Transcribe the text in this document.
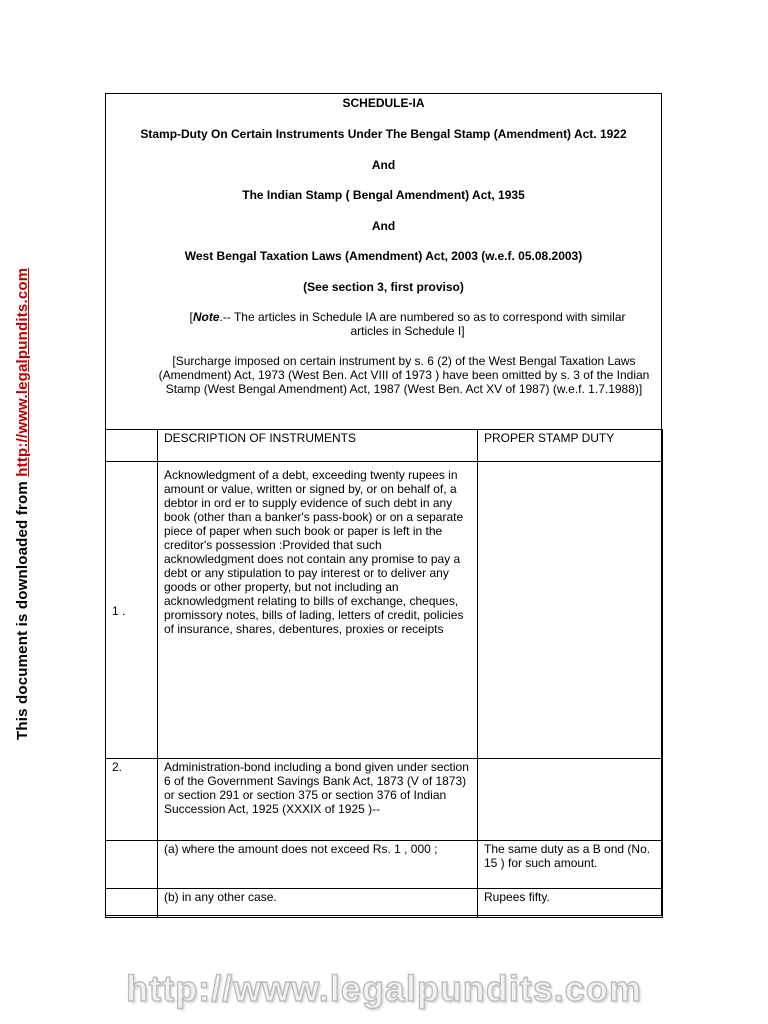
This document is downloaded from http://www.legalpundits.com
SCHEDULE-IA
Stamp-Duty On Certain Instruments Under The Bengal Stamp (Amendment) Act. 1922
And
The Indian Stamp ( Bengal Amendment) Act, 1935
And
West Bengal Taxation Laws (Amendment) Act, 2003 (w.e.f. 05.08.2003)
(See section 3, first proviso)
[Note.-- The articles in Schedule IA are numbered so as to correspond with similar articles in Schedule I]
[Surcharge imposed on certain instrument by s. 6 (2) of the West Bengal Taxation Laws (Amendment) Act, 1973 (West Ben. Act VIII of 1973 ) have been omitted by s. 3 of the Indian Stamp (West Bengal Amendment) Act, 1987 (West Ben. Act XV of 1987) (w.e.f. 1.7.1988)]
	DESCRIPTION OF INSTRUMENTS	PROPER STAMP DUTY
1 .	Acknowledgment of a debt, exceeding twenty rupees in amount or value, written or signed by, or on behalf of, a debtor in ord er to supply evidence of such debt in any book (other than a banker's pass-book) or on a separate piece of paper when such book or paper is left in the creditor's possession :Provided that such acknowledgment does not contain any promise to pay a debt or any stipulation to pay interest or to deliver any goods or other property, but not including an acknowledgment relating to bills of exchange, cheques, promissory notes, bills of lading, letters of credit, policies of insurance, shares, debentures, proxies or receipts	
2.	Administration-bond including a bond given under section 6 of the Government Savings Bank Act, 1873 (V of 1873) or section 291 or section 375 or section 376 of Indian Succession Act, 1925 (XXXIX of 1925 )--	
	(a) where the amount does not exceed Rs. 1 , 000 ;	The same duty as a B ond (No. 15 ) for such amount.
	(b) in any other case.	Rupees fifty.
http://www.legalpundits.com
